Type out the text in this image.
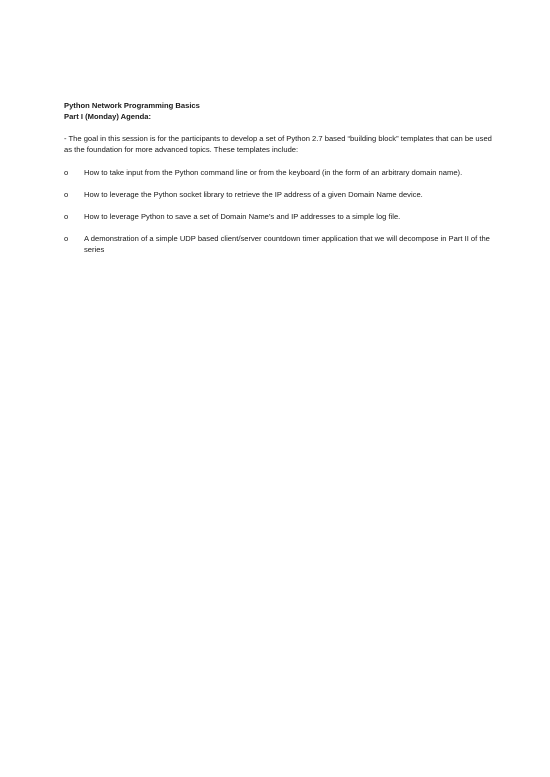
Python Network Programming Basics

Part I (Monday) Agenda:

- The goal in this session is for the participants to develop a set of Python 2.7 based “building block” templates that can be used as the foundation for more advanced topics. These templates include:

o How to take input from the Python command line or from the keyboard (in the form of an arbitrary domain name).
o How to leverage the Python socket library to retrieve the IP address of a given Domain Name device.
o How to leverage Python to save a set of Domain Name’s and IP addresses to a simple log file.
o A demonstration of a simple UDP based client/server countdown timer application that we will decompose in Part II of the series
